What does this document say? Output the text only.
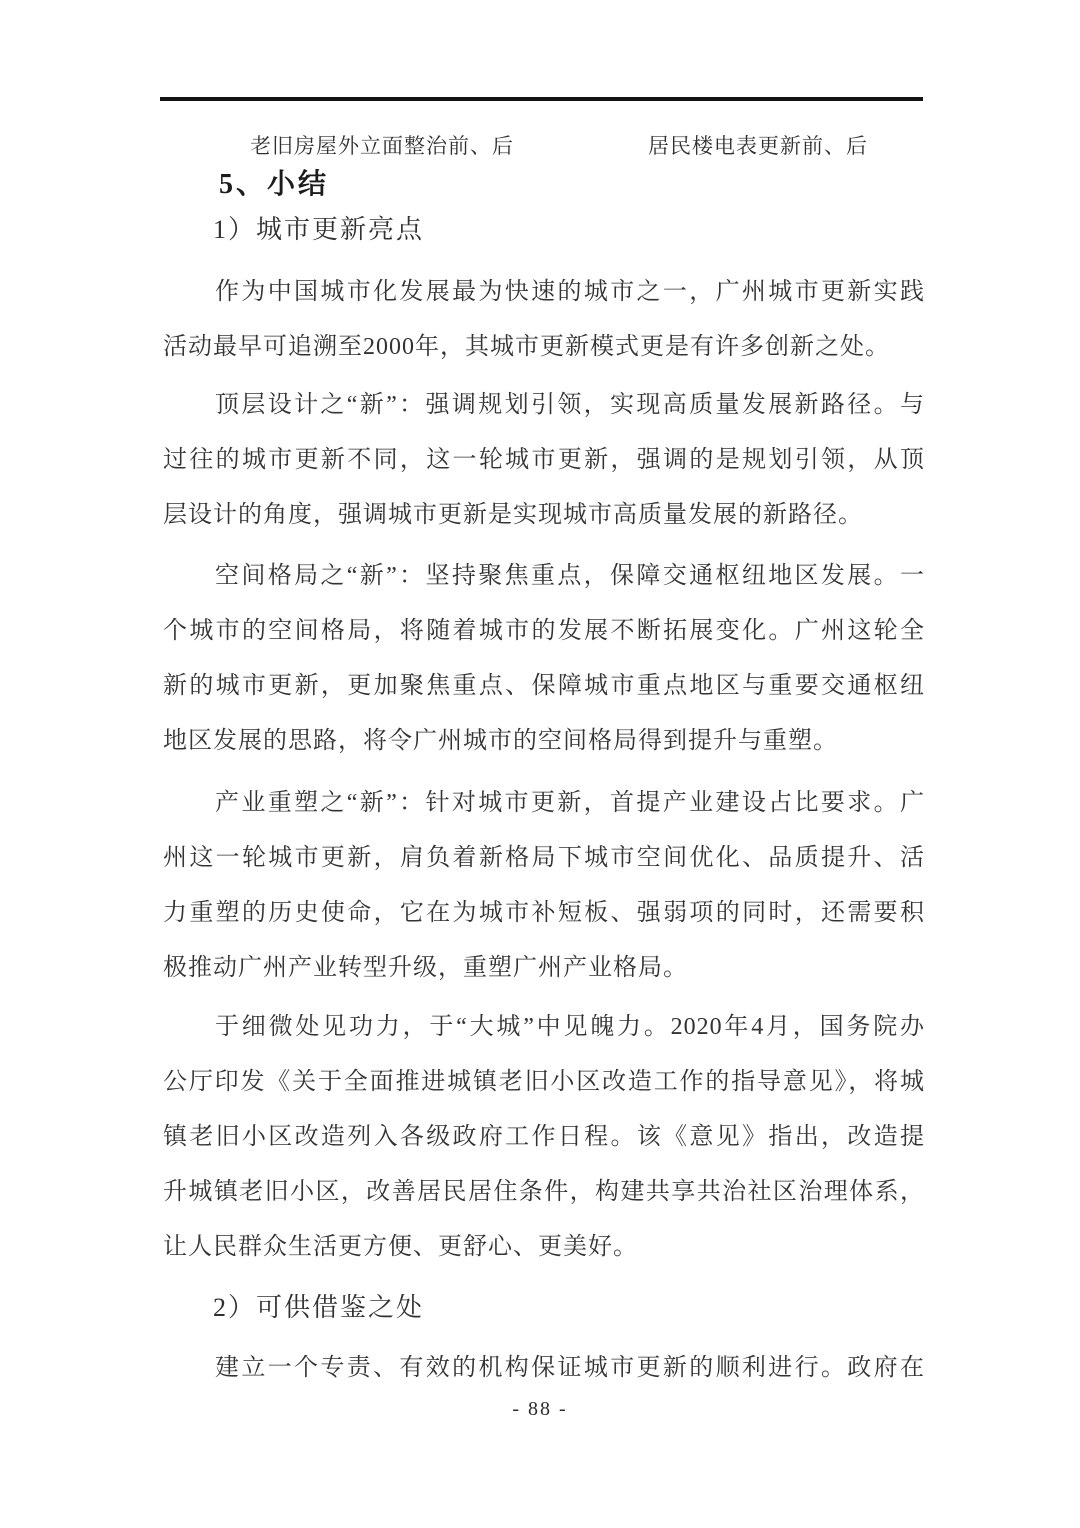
老旧房屋外立面整治前、后	居民楼电表更新前、后
5、小结
1）城市更新亮点
作为中国城市化发展最为快速的城市之一，广州城市更新实践
活动最早可追溯至2000年，其城市更新模式更是有许多创新之处。
顶层设计之“新”：强调规划引领，实现高质量发展新路径。与
过往的城市更新不同，这一轮城市更新，强调的是规划引领，从顶
层设计的角度，强调城市更新是实现城市高质量发展的新路径。
空间格局之“新”：坚持聚焦重点，保障交通枢纽地区发展。一
个城市的空间格局，将随着城市的发展不断拓展变化。广州这轮全
新的城市更新，更加聚焦重点、保障城市重点地区与重要交通枢纽
地区发展的思路，将令广州城市的空间格局得到提升与重塑。
产业重塑之“新”：针对城市更新，首提产业建设占比要求。广
州这一轮城市更新，肩负着新格局下城市空间优化、品质提升、活
力重塑的历史使命，它在为城市补短板、强弱项的同时，还需要积
极推动广州产业转型升级，重塑广州产业格局。
于细微处见功力，于“大城”中见魄力。2020年4月，国务院办
公厅印发《关于全面推进城镇老旧小区改造工作的指导意见》，将城
镇老旧小区改造列入各级政府工作日程。该《意见》指出，改造提
升城镇老旧小区，改善居民居住条件，构建共享共治社区治理体系，
让人民群众生活更方便、更舒心、更美好。
2）可供借鉴之处
建立一个专责、有效的机构保证城市更新的顺利进行。政府在
- 88 -
